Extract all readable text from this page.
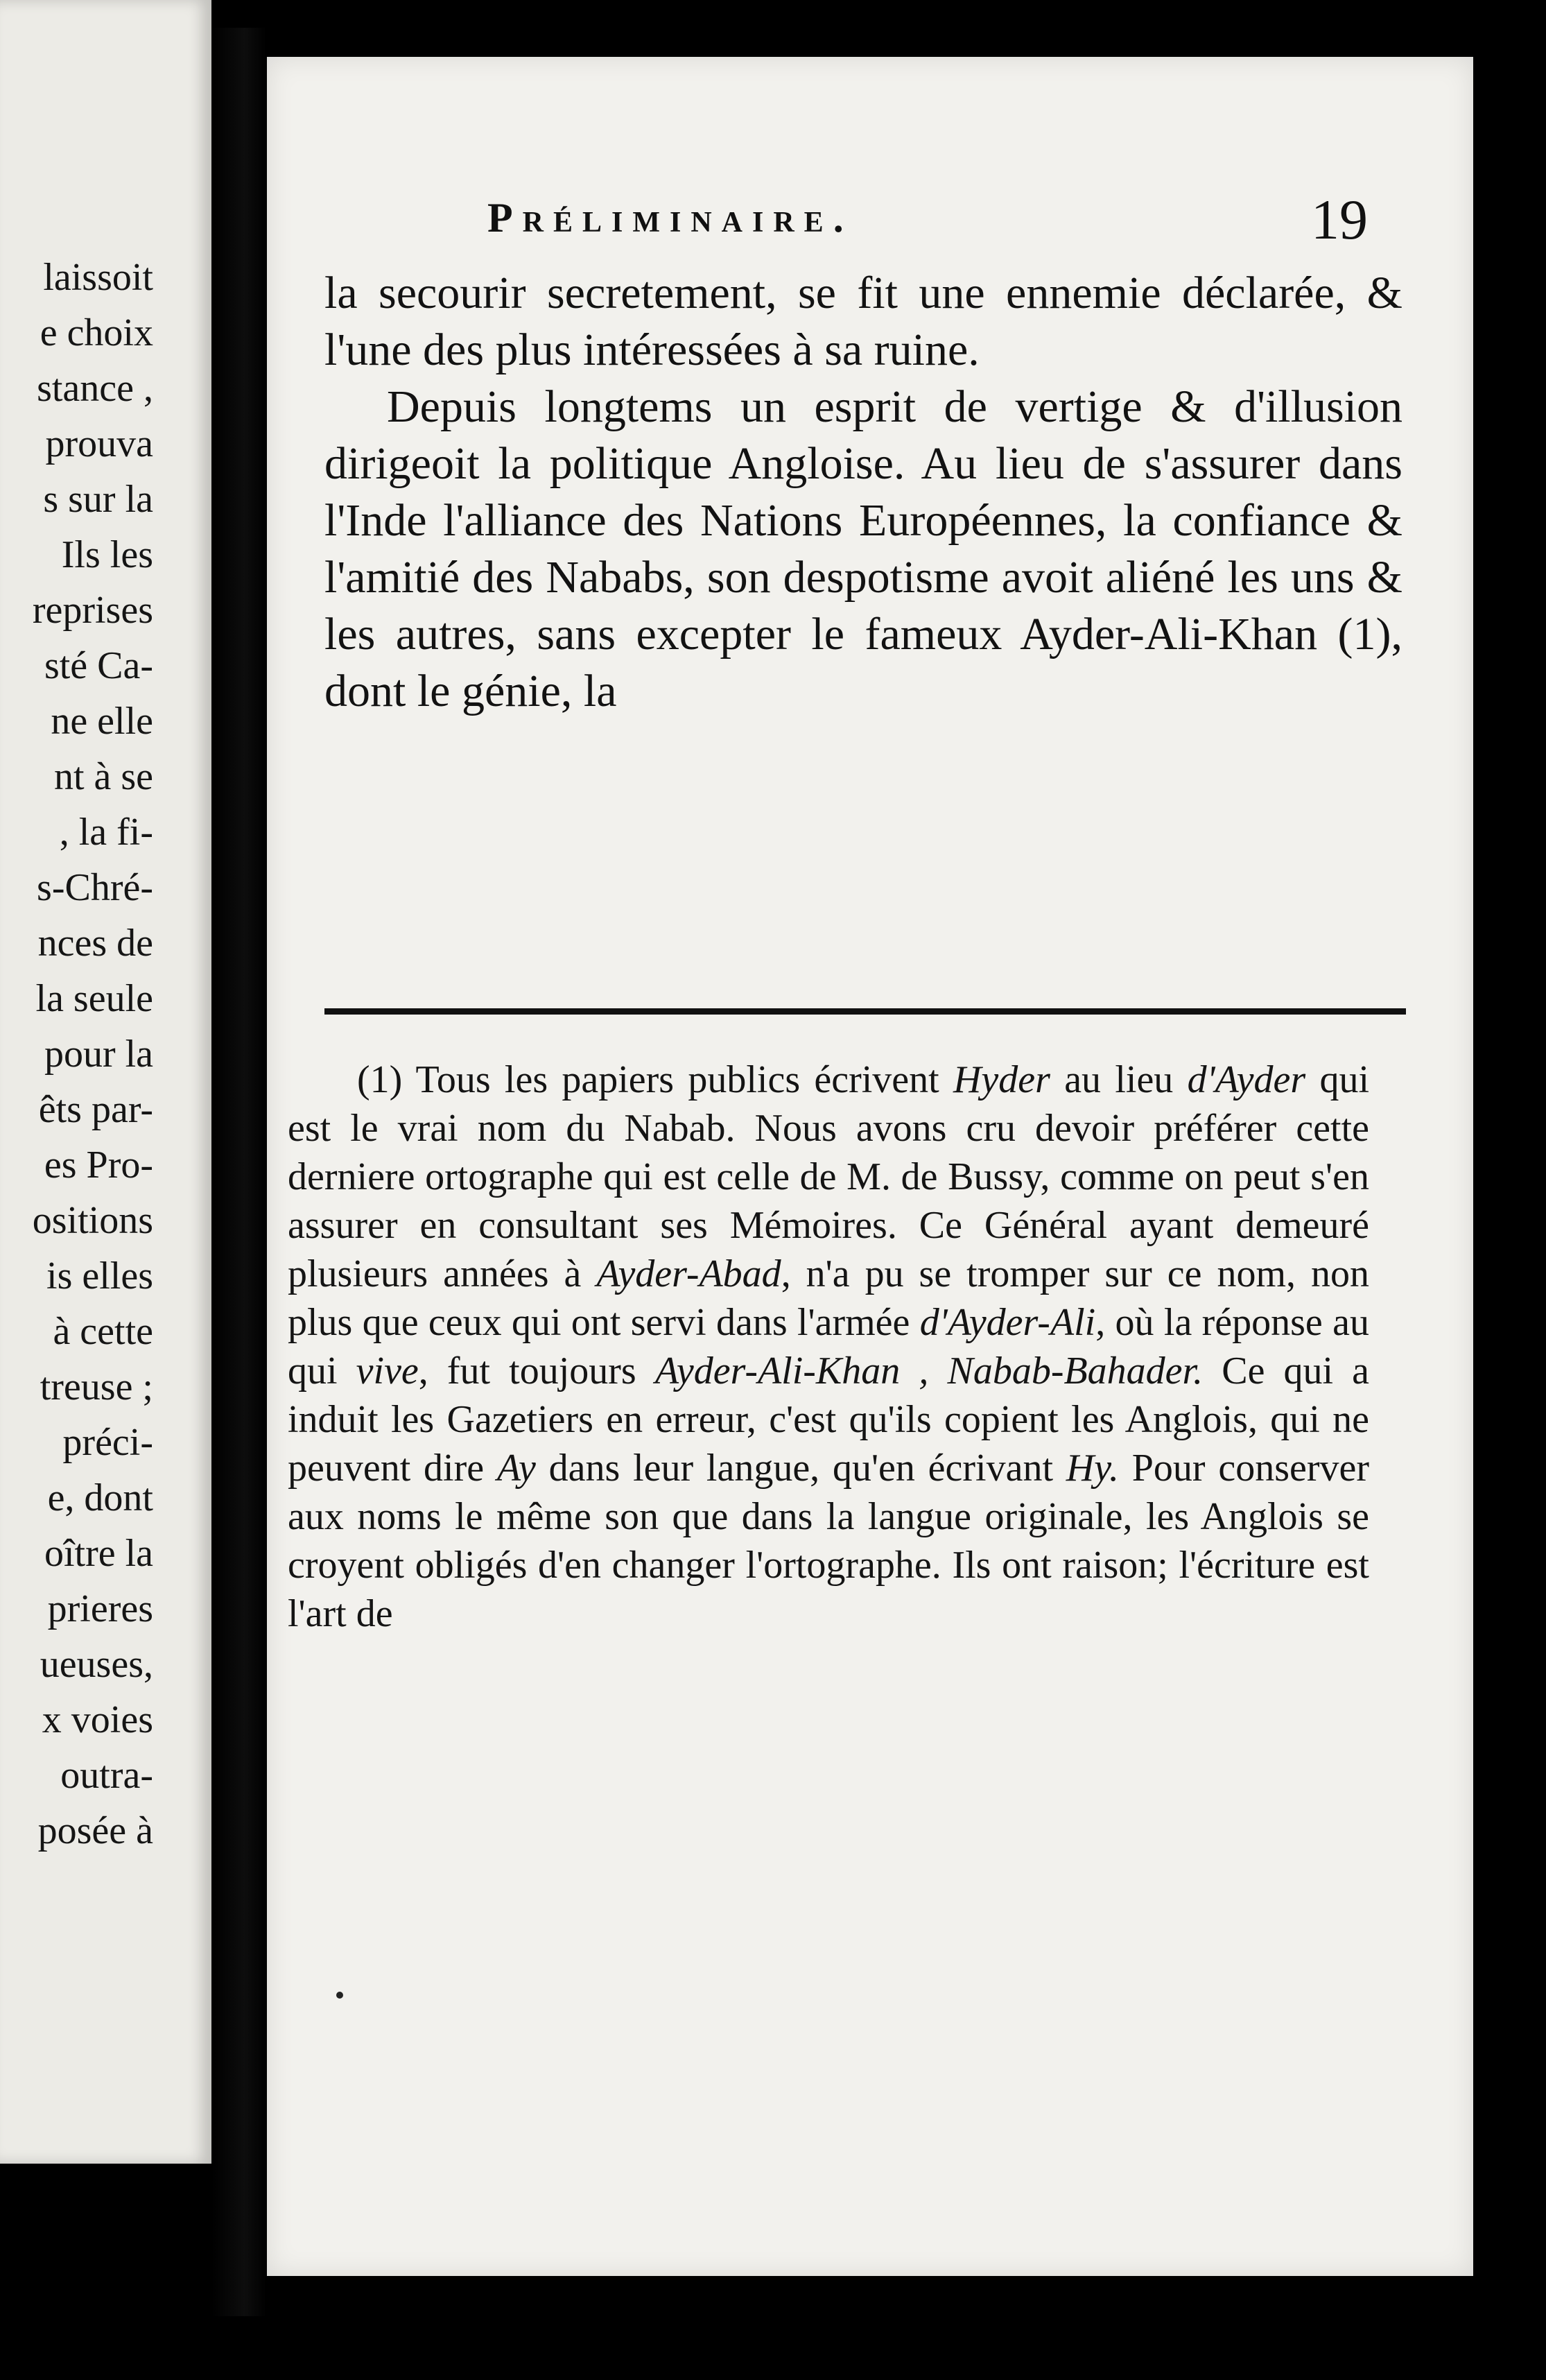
laissoit
e choix
stance ,
prouva
s sur la
Ils les
reprises
sté Ca-
ne elle
nt à se
, la fi-
s-Chré-
nces de
la seule
pour la
êts par-
es Pro-
ositions
is elles
à cette
treuse ;
préci-
e, dont
oître la
prieres
ueuses,
x voies
outra-
posée à
Préliminaire.	19

la secourir secretement, se fit une ennemie déclarée, & l'une des plus intéressées à sa ruine.

Depuis longtems un esprit de vertige & d'illusion dirigeoit la politique Angloise. Au lieu de s'assurer dans l'Inde l'alliance des Nations Européennes, la confiance & l'amitié des Nababs, son despotisme avoit aliéné les uns & les autres, sans excepter le fameux Ayder-Ali-Khan (1), dont le génie, la

(1) Tous les papiers publics écrivent Hyder au lieu d'Ayder qui est le vrai nom du Nabab. Nous avons cru devoir préférer cette derniere ortographe qui est celle de M. de Bussy, comme on peut s'en assurer en consultant ses Mémoires. Ce Général ayant demeuré plusieurs années à Ayder-Abad, n'a pu se tromper sur ce nom, non plus que ceux qui ont servi dans l'armée d'Ayder-Ali, où la réponse au qui vive, fut toujours Ayder-Ali-Khan , Nabab-Bahader. Ce qui a induit les Gazetiers en erreur, c'est qu'ils copient les Anglois, qui ne peuvent dire Ay dans leur langue, qu'en écrivant Hy. Pour conserver aux noms le même son que dans la langue originale, les Anglois se croyent obligés d'en changer l'ortographe. Ils ont raison; l'écriture est l'art de
